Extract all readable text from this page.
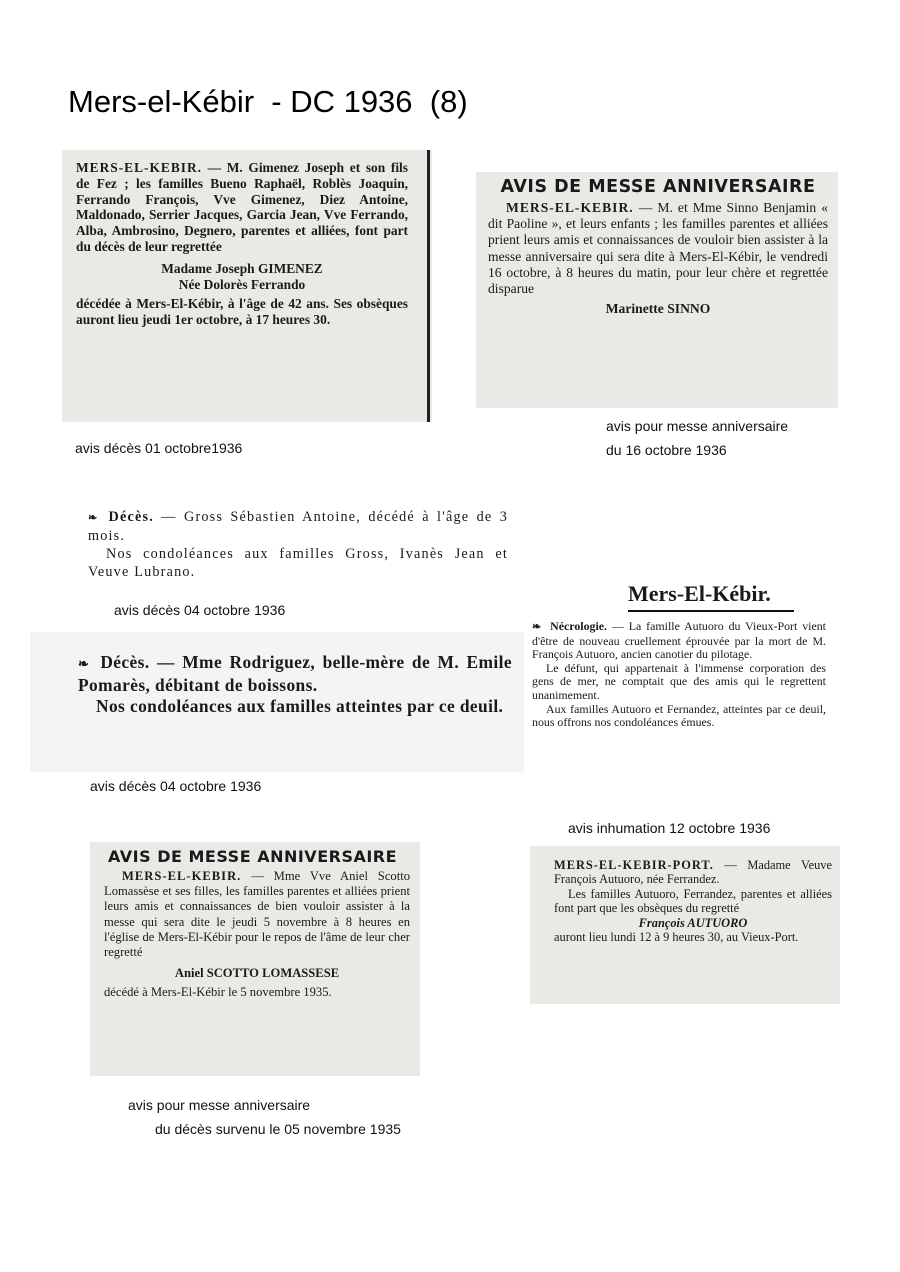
Mers-el-Kébir  - DC 1936  (8)

MERS-EL-KEBIR. — M. Gimenez Joseph et son fils de Fez ; les familles Bueno Raphaël, Roblès Joaquin, Ferrando François, Vve Gimenez, Diez Antoine, Maldonado, Serrier Jacques, Garcia Jean, Vve Ferrando, Alba, Ambrosino, Degnero, parentes et alliées, font part du décès de leur regrettée

Madame Joseph GIMENEZ

Née Dolorès Ferrando

décédée à Mers-El-Kébir, à l'âge de 42 ans. Ses obsèques auront lieu jeudi 1er octobre, à 17 heures 30.

avis décès 01 octobre1936

AVIS DE MESSE ANNIVERSAIRE

MERS-EL-KEBIR. — M. et Mme Sinno Benjamin « dit Paoline », et leurs enfants ; les familles parentes et alliées prient leurs amis et connaissances de vouloir bien assister à la messe anniversaire qui sera dite à Mers-El-Kébir, le vendredi 16 octobre, à 8 heures du matin, pour leur chère et regrettée disparue

Marinette SINNO

avis pour messe anniversaire
du 16 octobre 1936

❧ Décès. — Gross Sébastien Antoine, décédé à l'âge de 3 mois.

Nos condoléances aux familles Gross, Ivanès Jean et Veuve Lubrano.

avis décès 04 octobre 1936

❧ Décès. — Mme Rodriguez, belle-mère de M. Emile Pomarès, débitant de boissons.

Nos condoléances aux familles atteintes par ce deuil.

avis décès 04 octobre 1936

Mers-El-Kébir.

❧ Nécrologie. — La famille Autuoro du Vieux-Port vient d'être de nouveau cruellement éprouvée par la mort de M. François Autuoro, ancien canotier du pilotage.

Le défunt, qui appartenait à l'immense corporation des gens de mer, ne comptait que des amis qui le regrettent unanimement.

Aux familles Autuoro et Fernandez, atteintes par ce deuil, nous offrons nos condoléances émues.

avis inhumation 12 octobre 1936

AVIS DE MESSE ANNIVERSAIRE

MERS-EL-KEBIR. — Mme Vve Aniel Scotto Lomassèse et ses filles, les familles parentes et alliées prient leurs amis et connaissances de bien vouloir assister à la messe qui sera dite le jeudi 5 novembre à 8 heures en l'église de Mers-El-Kébir pour le repos de l'âme de leur cher regretté

Aniel SCOTTO LOMASSESE

décédé à Mers-El-Kébir le 5 novembre 1935.

avis pour messe anniversaire
du décès survenu le 05 novembre 1935

MERS-EL-KEBIR-PORT. — Madame Veuve François Autuoro, née Ferrandez.

Les familles Autuoro, Ferrandez, parentes et alliées font part que les obsèques du regretté

François AUTUORO

auront lieu lundi 12 à 9 heures 30, au Vieux-Port.
